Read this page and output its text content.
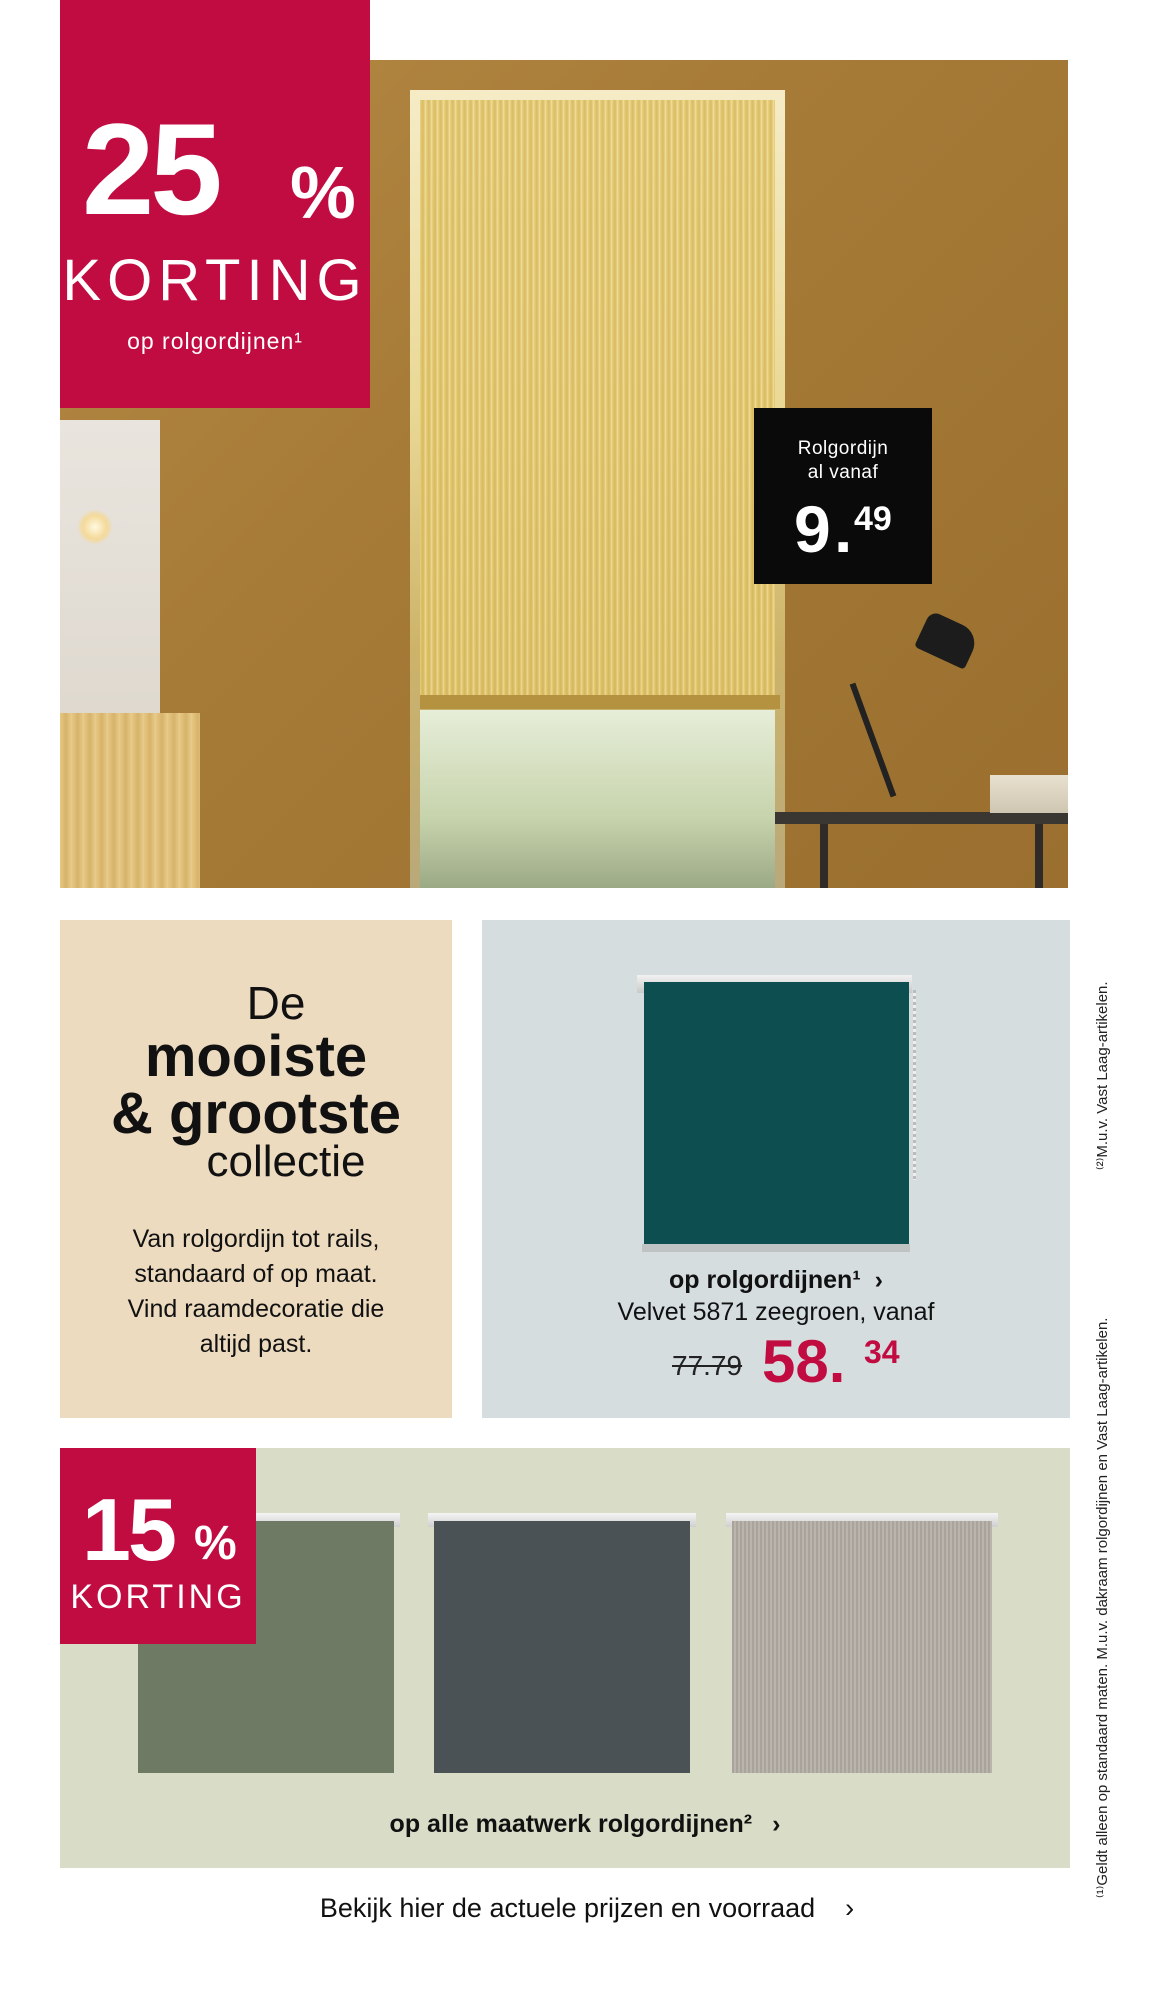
25 %
KORTING
op rolgordijnen¹
Rolgordijn
al vanaf
9 . 49
De
mooiste
& grootste
collectie
Van rolgordijn tot rails,
standaard of op maat.
Vind raamdecoratie die
altijd past.
op rolgordijnen¹ ›
Velvet 5871 zeegroen, vanaf
77.79 58. 34
op alle maatwerk rolgordijnen² ›
15 %
KORTING
Bekijk hier de actuele prijzen en voorraad ›
⁽¹⁾Geldt alleen op standaard maten. M.u.v. dakraam rolgordijnen en Vast Laag-artikelen.
⁽²⁾M.u.v. Vast Laag-artikelen.
